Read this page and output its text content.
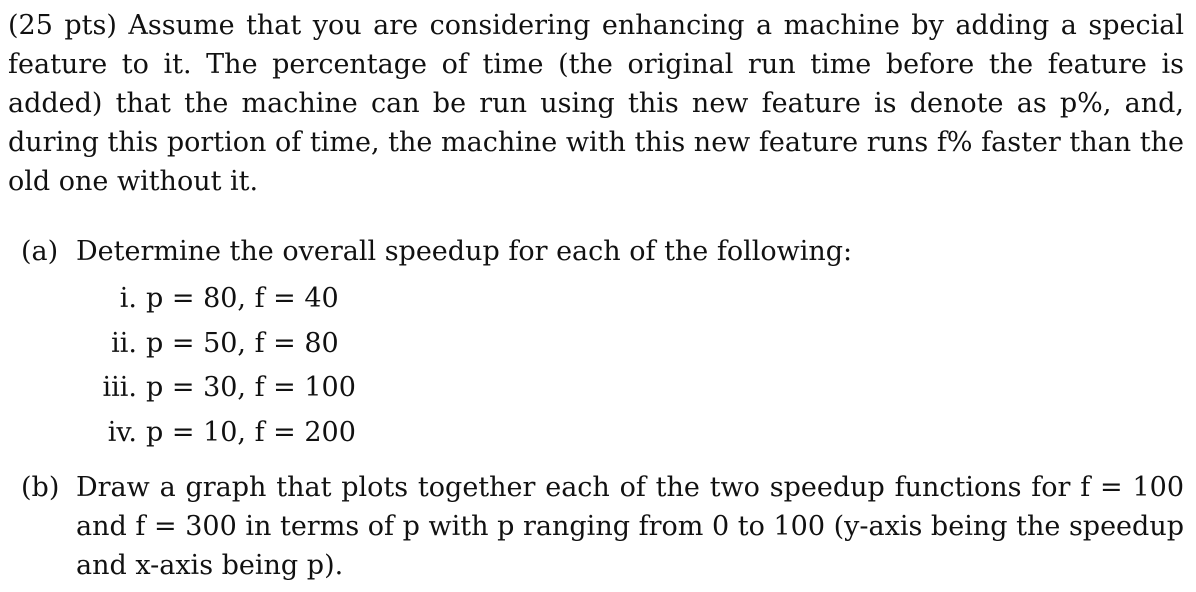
(25 pts) Assume that you are considering enhancing a machine by adding a special feature to it. The percentage of time (the original run time before the feature is added) that the machine can be run using this new feature is denote as p%, and, during this portion of time, the machine with this new feature runs f% faster than the old one without it.

(a) Determine the overall speedup for each of the following:
i. p = 80, f = 40
ii. p = 50, f = 80
iii. p = 30, f = 100
iv. p = 10, f = 200
(b) Draw a graph that plots together each of the two speedup functions for f = 100 and f = 300 in terms of p with p ranging from 0 to 100 (y-axis being the speedup and x-axis being p).
